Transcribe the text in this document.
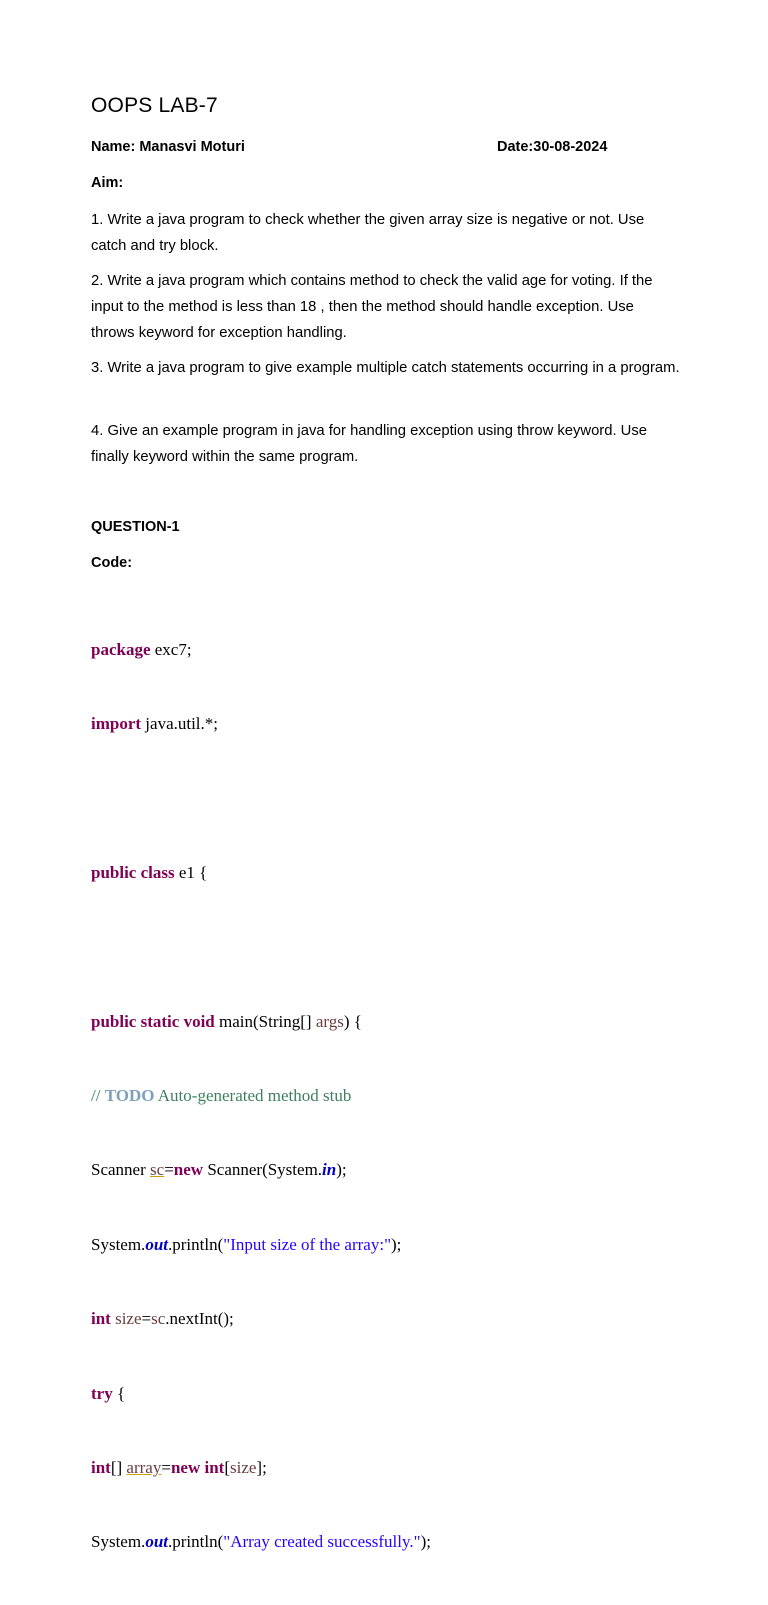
OOPS LAB-7
Name: Manasvi Moturi	Date:30-08-2024
Aim:
1. Write a java program to check whether the given array size is negative or not. Use catch and try block.
2. Write a java program which contains method to check the valid age for voting. If the input to the method is less than 18 , then the method should handle exception. Use throws keyword for exception handling.
3. Write a java program to give example multiple catch statements occurring in a program.
4. Give an example program in java for handling exception using throw keyword. Use finally keyword within the same program.
QUESTION-1
Code:

package exc7;

import java.util.*;

public class e1 {

public static void main(String[] args) {

// TODO Auto-generated method stub

Scanner sc=new Scanner(System.in);

System.out.println("Input size of the array:");

int size=sc.nextInt();

try {

int[] array=new int[size];

System.out.println("Array created successfully.");
